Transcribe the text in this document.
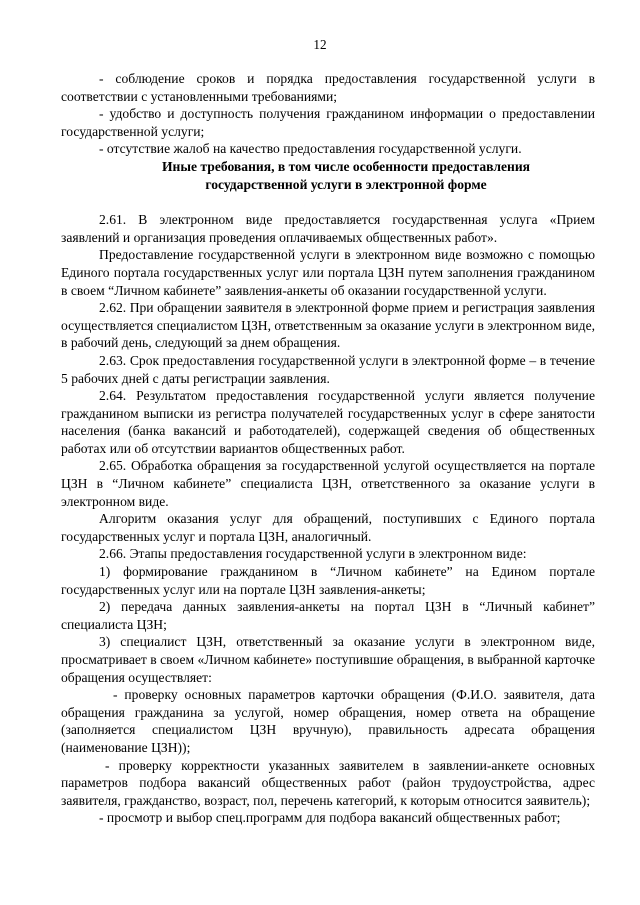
12

- соблюдение сроков и порядка предоставления государственной услуги в соответствии с установленными требованиями;

- удобство и доступность получения гражданином информации о предоставлении государственной услуги;

- отсутствие жалоб на качество предоставления государственной услуги.

Иные требования, в том числе особенности предоставления

государственной услуги в электронной форме

2.61. В электронном виде предоставляется государственная услуга «Прием заявлений и организация проведения оплачиваемых общественных работ».

Предоставление государственной услуги в электронном виде возможно с помощью Единого портала государственных услуг или портала ЦЗН путем заполнения гражданином в своем “Личном кабинете” заявления-анкеты об оказании государственной услуги.

2.62. При обращении заявителя в электронной форме прием и регистрация заявления осуществляется специалистом ЦЗН, ответственным за оказание услуги в электронном виде, в рабочий день, следующий за днем обращения.

2.63. Срок предоставления государственной услуги в электронной форме – в течение 5 рабочих дней с даты регистрации заявления.

2.64. Результатом предоставления государственной услуги является получение гражданином выписки из регистра получателей государственных услуг в сфере занятости населения (банка вакансий и работодателей), содержащей сведения об общественных работах или об отсутствии вариантов общественных работ.

2.65. Обработка обращения за государственной услугой осуществляется на портале ЦЗН в “Личном кабинете” специалиста ЦЗН, ответственного за оказание услуги в электронном виде.

Алгоритм оказания услуг для обращений, поступивших с Единого портала государственных услуг и портала ЦЗН, аналогичный.

2.66. Этапы предоставления государственной услуги в электронном виде:

1) формирование гражданином в “Личном кабинете” на Едином портале государственных услуг или на портале ЦЗН заявления-анкеты;

2) передача данных заявления-анкеты на портал ЦЗН в “Личный кабинет” специалиста ЦЗН;

3) специалист ЦЗН, ответственный за оказание услуги в электронном виде, просматривает в своем «Личном кабинете» поступившие обращения, в выбранной карточке обращения осуществляет:

- проверку основных параметров карточки обращения (Ф.И.О. заявителя, дата обращения гражданина за услугой, номер обращения, номер ответа на обращение (заполняется специалистом ЦЗН вручную), правильность адресата обращения (наименование ЦЗН));

- проверку корректности указанных заявителем в заявлении-анкете основных параметров подбора вакансий общественных работ (район трудоустройства, адрес заявителя, гражданство, возраст, пол, перечень категорий, к которым относится заявитель);

- просмотр и выбор спец.программ для подбора вакансий общественных работ;
